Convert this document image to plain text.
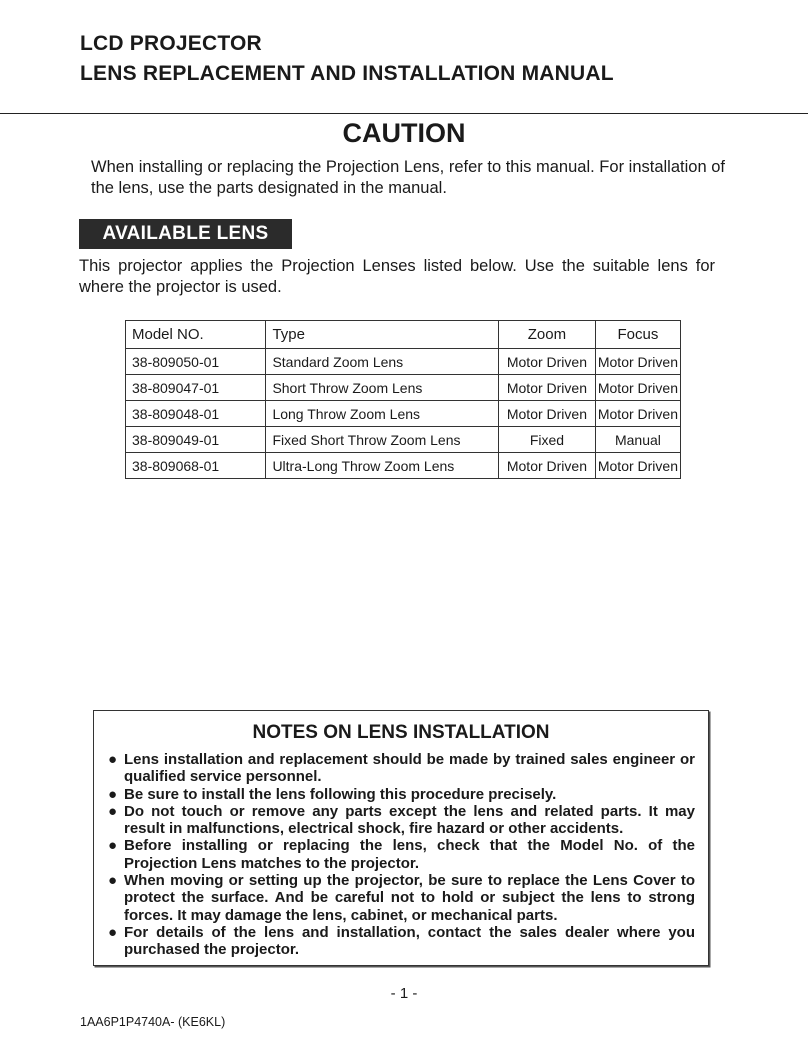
LCD PROJECTOR
LENS REPLACEMENT AND INSTALLATION MANUAL
CAUTION
When installing or replacing the Projection Lens, refer to this manual. For installation of the lens, use the parts designated in the manual.
AVAILABLE LENS
This projector applies the Projection Lenses listed below. Use the suitable lens for where the projector is used.
Model NO.	Type	Zoom	Focus
38-809050-01	Standard Zoom Lens	Motor Driven	Motor Driven
38-809047-01	Short Throw Zoom Lens	Motor Driven	Motor Driven
38-809048-01	Long Throw Zoom Lens	Motor Driven	Motor Driven
38-809049-01	Fixed Short Throw Zoom Lens	Fixed	Manual
38-809068-01	Ultra-Long Throw Zoom Lens	Motor Driven	Motor Driven
NOTES ON LENS INSTALLATION
● Lens installation and replacement should be made by trained sales engineer or qualified service personnel.
● Be sure to install the lens following this procedure precisely.
● Do not touch or remove any parts except the lens and related parts. It may result in malfunctions, electrical shock, fire hazard or other accidents.
● Before installing or replacing the lens, check that the Model No. of the Projection Lens matches to the projector.
● When moving or setting up the projector, be sure to replace the Lens Cover to protect the surface. And be careful not to hold or subject the lens to strong forces. It may damage the lens, cabinet, or mechanical parts.
● For details of the lens and installation, contact the sales dealer where you purchased the projector.
- 1 -
1AA6P1P4740A- (KE6KL)
